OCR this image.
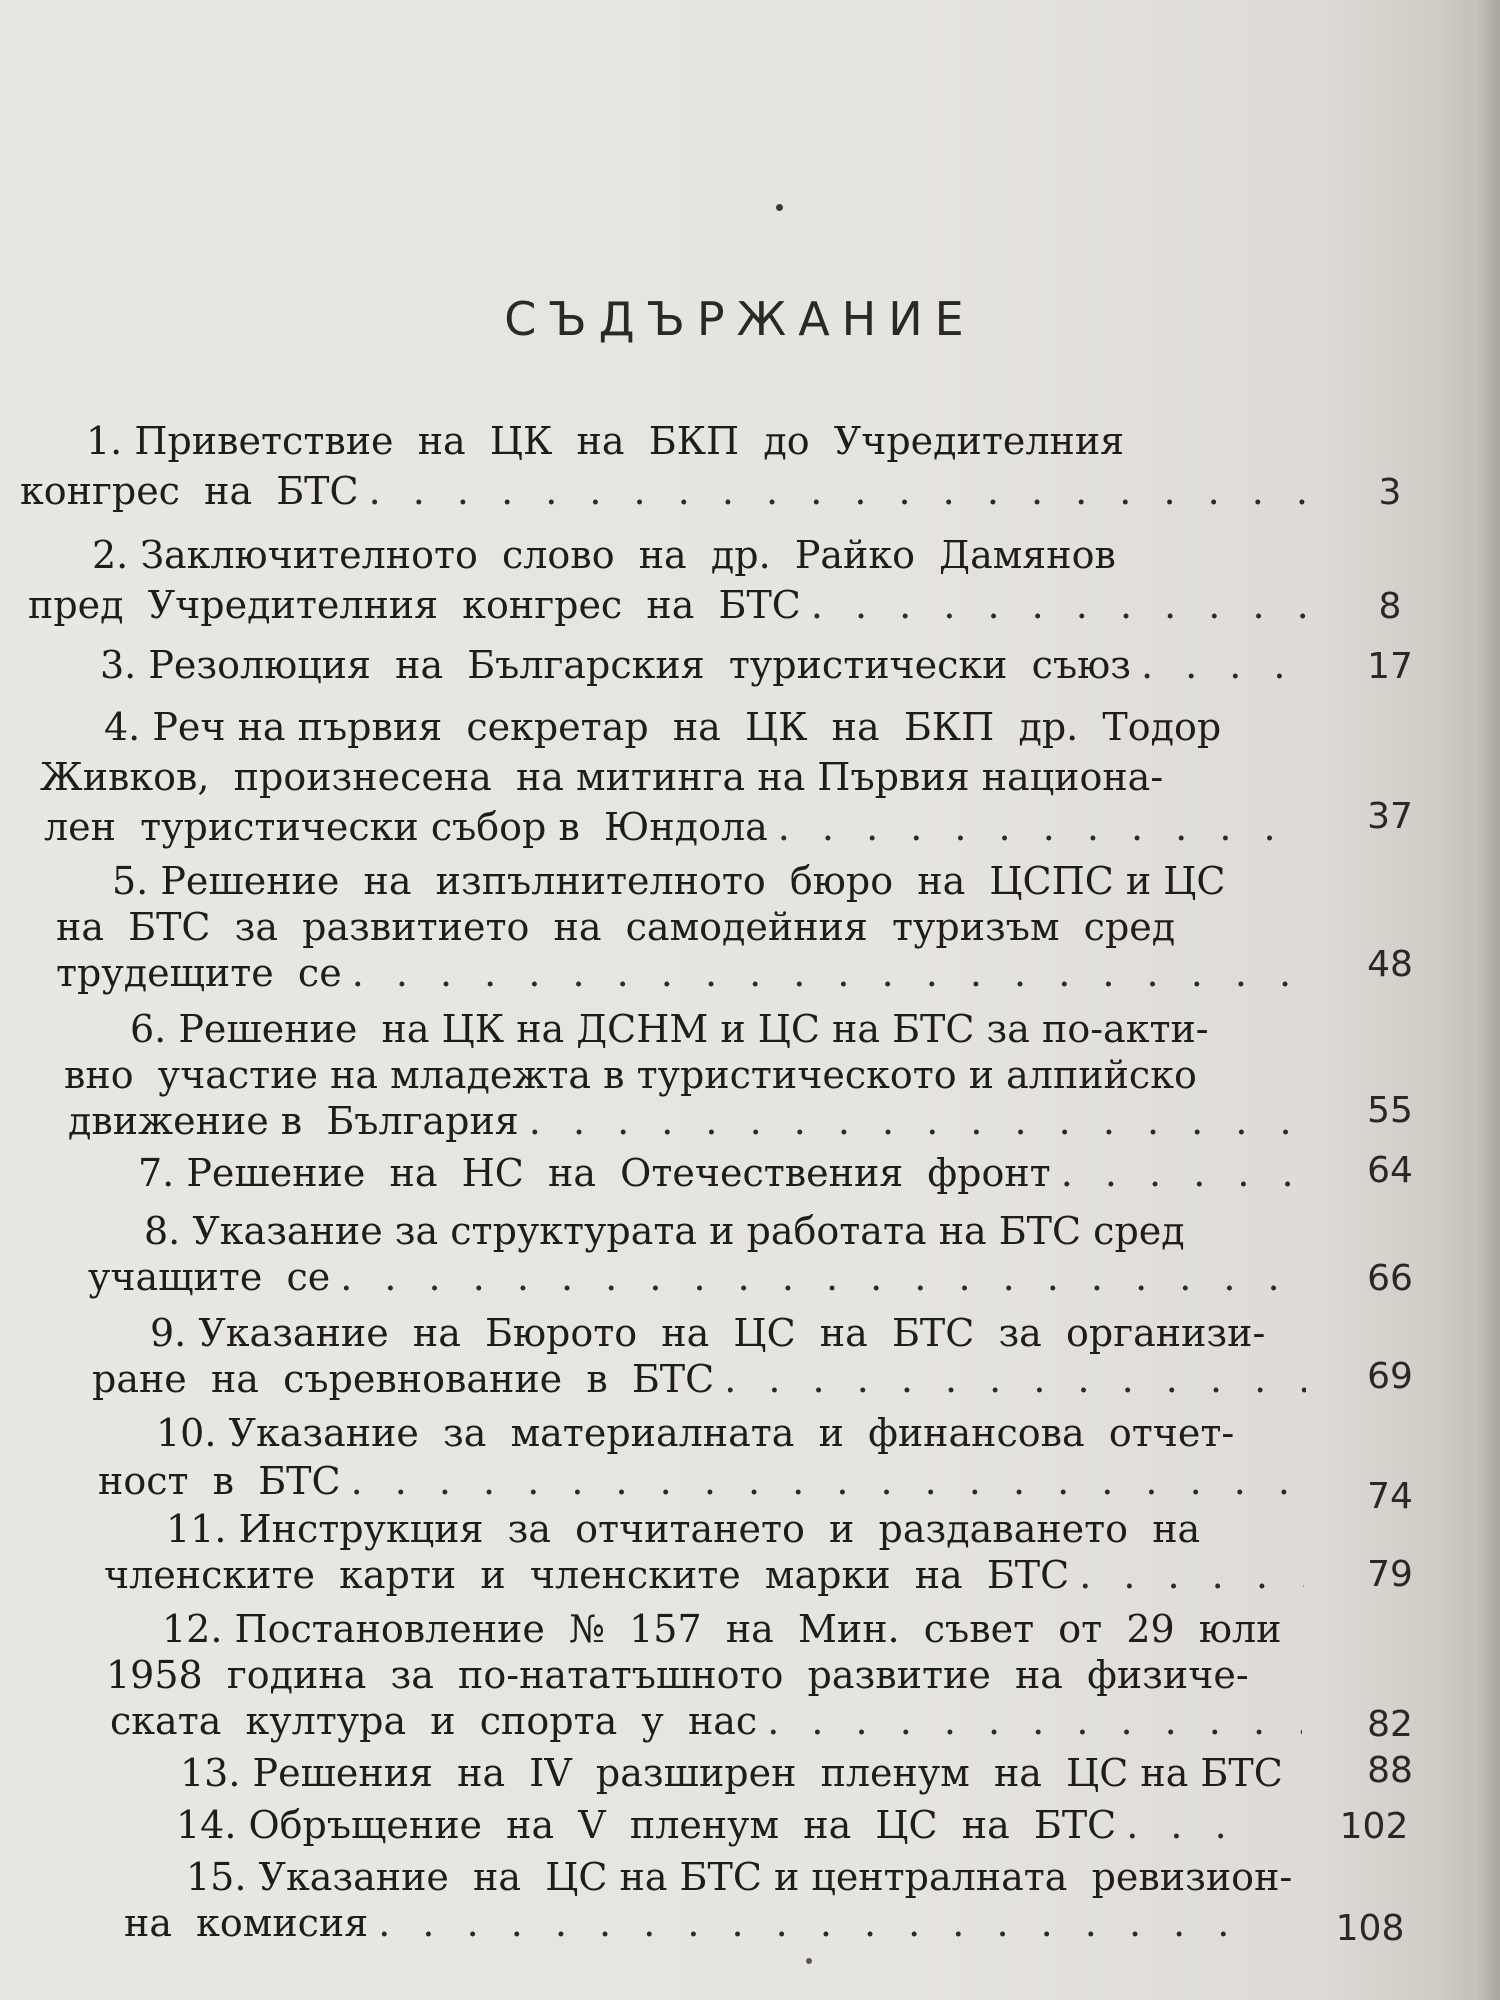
СЪДЪРЖАНИЕ
1. Приветствие  на  ЦК  на  БКП  до  Учредителния
конгрес  на  БТС . . .	3
2. Заключителното  слово  на  др.  Райко  Дамянов
пред  Учредителния  конгрес  на  БТС . . .	8
3. Резолюция  на  Българския  туристически  съюз . . .	17
4. Реч на първия  секретар  на  ЦК  на  БКП  др.  Тодор
Живков,  произнесена  на митинга на Първия национа-
лен  туристически събор в  Юндола . . .	37
5. Решение  на  изпълнителното  бюро  на  ЦСПС и ЦС
на  БТС  за  развитието  на  самодейния  туризъм  сред
трудещите  се . . .	48
6. Решение  на ЦК на ДСНМ и ЦС на БТС за по-акти-
вно  участие на младежта в туристическото и алпийско
движение в  България . . .	55
7. Решение  на  НС  на  Отечествения  фронт . . .	64
8. Указание за структурата и работата на БТС сред
учащите  се . . .	66
9. Указание  на  Бюрото  на  ЦС  на  БТС  за  организи-
ране  на  съревнование  в  БТС . . .	69
10. Указание  за  материалната  и  финансова  отчет-
ност  в  БТС . . .	74
11. Инструкция  за  отчитането  и  раздаването  на
членските  карти  и  членските  марки  на  БТС . . .	79
12. Постановление  №  157  на  Мин.  съвет  от  29  юли
1958  година  за  по-нататъшното  развитие  на  физиче-
ската  култура  и  спорта  у  нас . . .	82
13. Решения  на  IV  разширен  пленум  на  ЦС на БТС	88
14. Обръщение  на  V  пленум  на  ЦС  на  БТС . . .	102
15. Указание  на  ЦС на БТС и централната  ревизион-
на  комисия . . .	108
